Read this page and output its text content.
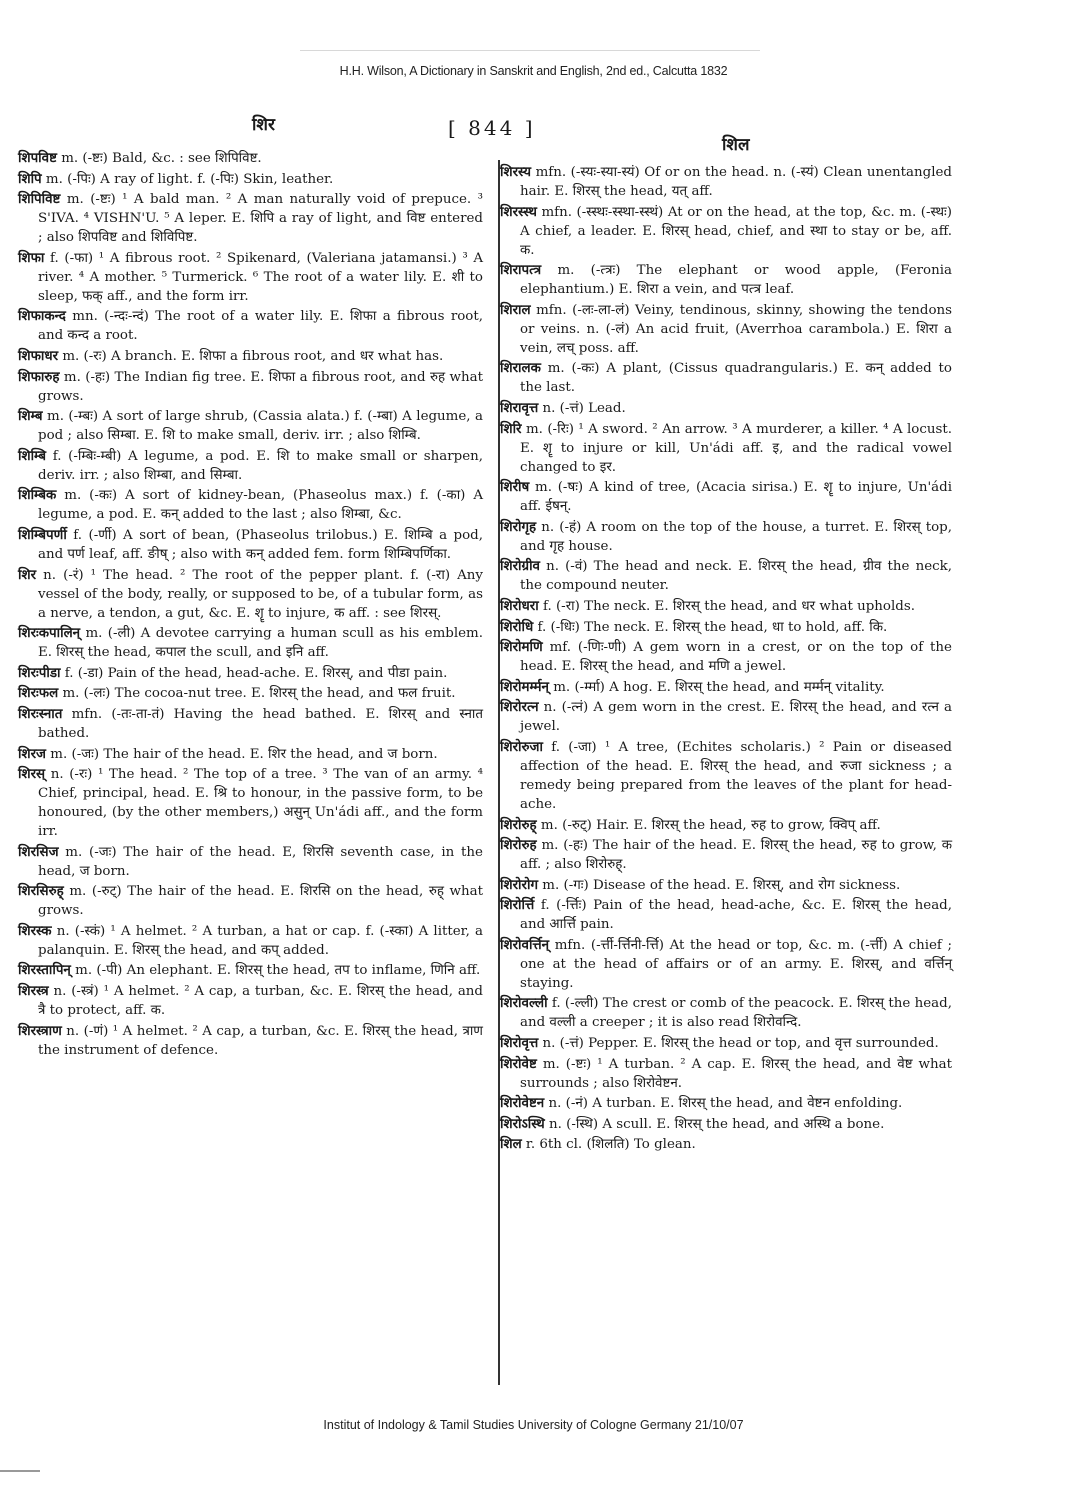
H.H. Wilson, A Dictionary in Sanskrit and English, 2nd ed., Calcutta 1832
शिर	[ 844 ]
शिल
शिपविष्ट m. (-ष्टः) Bald, &c. : see शिपिविष्ट.
शिपि m. (-पिः) A ray of light. f. (-पिः) Skin, leather.
शिपिविष्ट m. (-ष्टः) ¹ A bald man. ² A man naturally void of prepuce. ³ S'IVA. ⁴ VISHN'U. ⁵ A leper. E. शिपि a ray of light, and विष्ट entered ; also शिपविष्ट and शिविपिष्ट.
शिफा f. (-फा) ¹ A fibrous root. ² Spikenard, (Valeriana jatamansi.) ³ A river. ⁴ A mother. ⁵ Turmerick. ⁶ The root of a water lily. E. शी to sleep, फक् aff., and the form irr.
शिफाकन्द mn. (-न्दः-न्दं) The root of a water lily. E. शिफा a fibrous root, and कन्द a root.
शिफाधर m. (-रः) A branch. E. शिफा a fibrous root, and धर what has.
शिफारुह m. (-हः) The Indian fig tree. E. शिफा a fibrous root, and रुह what grows.
शिम्ब m. (-म्बः) A sort of large shrub, (Cassia alata.) f. (-म्बा) A legume, a pod ; also सिम्बा. E. शि to make small, deriv. irr. ; also शिम्बि.
शिम्बि f. (-म्बिः-म्बी) A legume, a pod. E. शि to make small or sharpen, deriv. irr. ; also शिम्बा, and सिम्बा.
शिम्बिक m. (-कः) A sort of kidney-bean, (Phaseolus max.) f. (-का) A legume, a pod. E. कन् added to the last ; also शिम्बा, &c.
शिम्बिपर्णी f. (-र्णी) A sort of bean, (Phaseolus trilobus.) E. शिम्बि a pod, and पर्ण leaf, aff. ङीष् ; also with कन् added fem. form शिम्बिपर्णिका.
शिर n. (-रं) ¹ The head. ² The root of the pepper plant. f. (-रा) Any vessel of the body, really, or supposed to be, of a tubular form, as a nerve, a tendon, a gut, &c. E. शॄ to injure, क aff. : see शिरस्.
शिरःकपालिन् m. (-ली) A devotee carrying a human scull as his emblem. E. शिरस् the head, कपाल the scull, and इनि aff.
शिरःपीडा f. (-डा) Pain of the head, head-ache. E. शिरस्, and पीडा pain.
शिरःफल m. (-लः) The cocoa-nut tree. E. शिरस् the head, and फल fruit.
शिरःस्नात mfn. (-तः-ता-तं) Having the head bathed. E. शिरस् and स्नात bathed.
शिरज m. (-जः) The hair of the head. E. शिर the head, and ज born.
शिरस् n. (-रः) ¹ The head. ² The top of a tree. ³ The van of an army. ⁴ Chief, principal, head. E. श्रि to honour, in the passive form, to be honoured, (by the other members,) असुन् Un'ádi aff., and the form irr.
शिरसिज m. (-जः) The hair of the head. E, शिरसि seventh case, in the head, ज born.
शिरसिरुह् m. (-रुट्) The hair of the head. E. शिरसि on the head, रुह् what grows.
शिरस्क n. (-स्कं) ¹ A helmet. ² A turban, a hat or cap. f. (-स्का) A litter, a palanquin. E. शिरस् the head, and कप् added.
शिरस्तापिन् m. (-पी) An elephant. E. शिरस् the head, तप to inflame, णिनि aff.
शिरस्त्र n. (-स्त्रं) ¹ A helmet. ² A cap, a turban, &c. E. शिरस् the head, and त्रै to protect, aff. क.
शिरस्त्राण n. (-णं) ¹ A helmet. ² A cap, a turban, &c. E. शिरस् the head, त्राण the instrument of defence.
शिरस्य mfn. (-स्यः-स्या-स्यं) Of or on the head. n. (-स्यं) Clean unentangled hair. E. शिरस् the head, यत् aff.
शिरस्स्थ mfn. (-स्स्थः-स्स्था-स्स्थं) At or on the head, at the top, &c. m. (-स्थः) A chief, a leader. E. शिरस् head, chief, and स्था to stay or be, aff. क.
शिरापत्त्र m. (-त्त्रः) The elephant or wood apple, (Feronia elephantium.) E. शिरा a vein, and पत्त्र leaf.
शिराल mfn. (-लः-ला-लं) Veiny, tendinous, skinny, showing the tendons or veins. n. (-लं) An acid fruit, (Averrhoa carambola.) E. शिरा a vein, लच् poss. aff.
शिरालक m. (-कः) A plant, (Cissus quadrangularis.) E. कन् added to the last.
शिरावृत्त n. (-त्तं) Lead.
शिरि m. (-रिः) ¹ A sword. ² An arrow. ³ A murderer, a killer. ⁴ A locust. E. शॄ to injure or kill, Un'ádi aff. इ, and the radical vowel changed to इर.
शिरीष m. (-षः) A kind of tree, (Acacia sirisa.) E. शॄ to injure, Un'ádi aff. ईषन्.
शिरोगृह n. (-हं) A room on the top of the house, a turret. E. शिरस् top, and गृह house.
शिरोग्रीव n. (-वं) The head and neck. E. शिरस् the head, ग्रीव the neck, the compound neuter.
शिरोधरा f. (-रा) The neck. E. शिरस् the head, and धर what upholds.
शिरोधि f. (-धिः) The neck. E. शिरस् the head, धा to hold, aff. कि.
शिरोमणि mf. (-णिः-णी) A gem worn in a crest, or on the top of the head. E. शिरस् the head, and मणि a jewel.
शिरोमर्म्मन् m. (-र्म्मा) A hog. E. शिरस् the head, and मर्म्मन् vitality.
शिरोरत्न n. (-त्नं) A gem worn in the crest. E. शिरस् the head, and रत्न a jewel.
शिरोरुजा f. (-जा) ¹ A tree, (Echites scholaris.) ² Pain or diseased affection of the head. E. शिरस् the head, and रुजा sickness ; a remedy being prepared from the leaves of the plant for head-ache.
शिरोरुह् m. (-रुट्) Hair. E. शिरस् the head, रुह to grow, क्विप् aff.
शिरोरुह m. (-हः) The hair of the head. E. शिरस् the head, रुह to grow, क aff. ; also शिरोरुह्.
शिरोरोग m. (-गः) Disease of the head. E. शिरस्, and रोग sickness.
शिरोर्त्ति f. (-र्त्तिः) Pain of the head, head-ache, &c. E. शिरस् the head, and आर्त्ति pain.
शिरोवर्त्तिन् mfn. (-र्त्ती-र्त्तिनी-र्त्ति) At the head or top, &c. m. (-र्त्ती) A chief ; one at the head of affairs or of an army. E. शिरस्, and वर्त्तिन् staying.
शिरोवल्ली f. (-ल्ली) The crest or comb of the peacock. E. शिरस् the head, and वल्ली a creeper ; it is also read शिरोवन्दि.
शिरोवृत्त n. (-त्तं) Pepper. E. शिरस् the head or top, and वृत्त surrounded.
शिरोवेष्ट m. (-ष्टः) ¹ A turban. ² A cap. E. शिरस् the head, and वेष्ट what surrounds ; also शिरोवेष्टन.
शिरोवेष्टन n. (-नं) A turban. E. शिरस् the head, and वेष्टन enfolding.
शिरोऽस्थि n. (-स्थि) A scull. E. शिरस् the head, and अस्थि a bone.
शिल r. 6th cl. (शिलति) To glean.
Institut of Indology & Tamil Studies University of Cologne Germany 21/10/07
